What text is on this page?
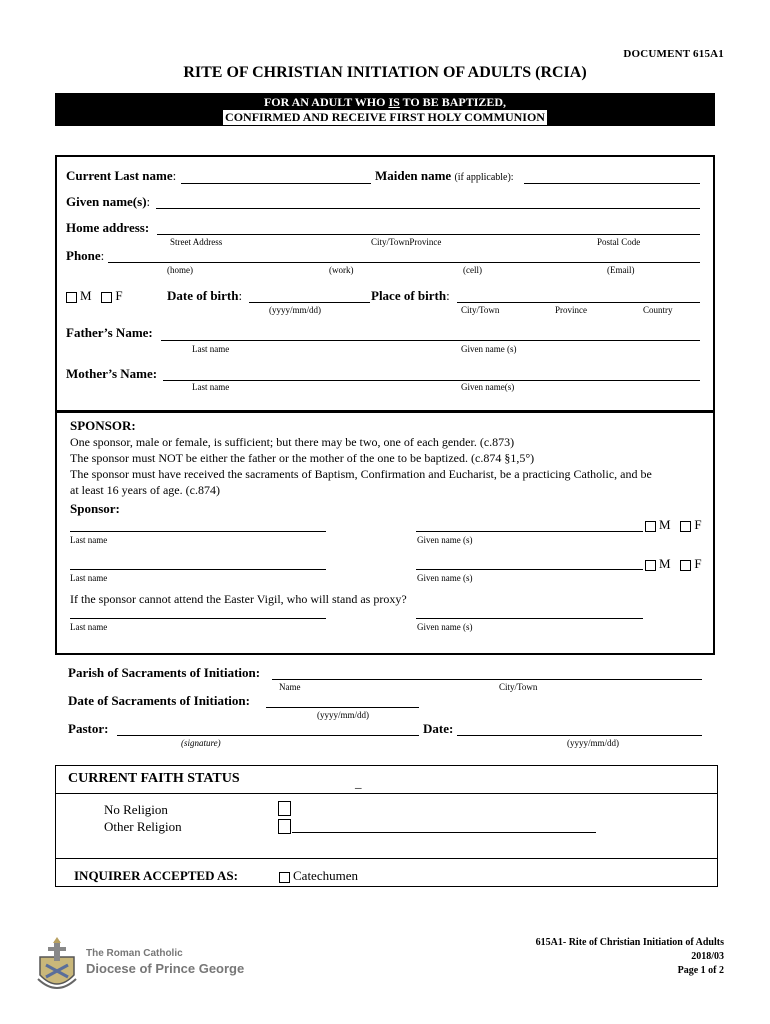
DOCUMENT 615A1
RITE OF CHRISTIAN INITIATION OF ADULTS (RCIA)
FOR AN ADULT WHO IS TO BE BAPTIZED,
CONFIRMED AND RECEIVE FIRST HOLY COMMUNION
Current Last name:	Maiden name (if applicable):
Given name(s):
Home address:
Street Address	City/TownProvince	Postal Code
Phone:
(home)	(work)	(cell)	(Email)
M F	Date of birth:
(yyyy/mm/dd)
Place of birth:
City/Town	Province	Country
Father’s Name:
Last name	Given name (s)
Mother’s Name:
Last name	Given name(s)
SPONSOR:
One sponsor, male or female, is sufficient; but there may be two, one of each gender. (c.873)
The sponsor must NOT be either the father or the mother of the one to be baptized. (c.874 §1,5°)
The sponsor must have received the sacraments of Baptism, Confirmation and Eucharist, be a practicing Catholic, and be
at least 16 years of age. (c.874)
Sponsor:
M F
Last name	Given name (s)
M F
Last name	Given name (s)
If the sponsor cannot attend the Easter Vigil, who will stand as proxy?
Last name	Given name (s)
Parish of Sacraments of Initiation:
Name	City/Town
Date of Sacraments of Initiation:
(yyyy/mm/dd)
Pastor:
(signature)
Date:
(yyyy/mm/dd)
CURRENT FAITH STATUS	_
No Religion
Other Religion
INQUIRER ACCEPTED AS:	Catechumen
The Roman Catholic
Diocese of Prince George
615A1- Rite of Christian Initiation of Adults
2018/03
Page 1 of 2
